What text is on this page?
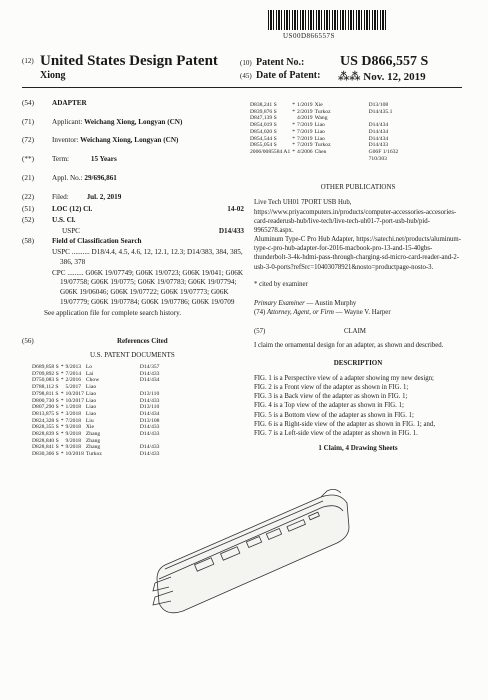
US00D866557S
(12) United States Design Patent
Xiong
(10) Patent No.:	US D866,557 S
(45) Date of Patent: ⁂⁂ Nov. 12, 2019
(54)	ADAPTER
(71)	Applicant: Weichang Xiong, Longyan (CN)
(72)	Inventor: Weichang Xiong, Longyan (CN)
(**)	Term:	15 Years
(21)	Appl. No.: 29/696,861
(22)	Filed: Jul. 2, 2019
(51)	LOC (12) Cl.	14-02
(52)	U.S. Cl.
USPC	D14/433
(58)	Field of Classification Search
USPC .......... D18/4.4, 4.5, 4.6, 12, 12.1, 12.3; D14/383, 384, 385, 386, 378
CPC ......... G06K 19/07749; G06K 19/0723; G06K 19/041; G06K 19/07758; G06K 19/0775; G06K 19/07783; G06K 19/07794; G06K 19/06046; G06K 19/07722; G06K 19/07773; G06K 19/07779; G06K 19/07784; G06K 19/07786; G06K 19/0709
See application file for complete search history.
(56)	References Cited
U.S. PATENT DOCUMENTS
D689,858 S	*	9/2013	Lo	D14/357
D709,892 S	*	7/2014	Lai	D14/433
D750,083 S	*	2/2016	Chow	D14/434
D788,112 S		5/2017	Liao	
D798,811 S	*	10/2017	Liao	D13/110
D800,730 S	*	10/2017	Liao	D14/433
D807,290 S	*	1/2018	Liao	D13/110
D813,875 S	*	3/2018	Liao	D14/434
D824,328 S	*	7/2018	Liu	D13/108
D828,355 S	*	9/2018	Xie	D14/433
D828,839 S	*	9/2018	Zhang	D14/433
D828,840 S		9/2018	Zhang	
D828,841 S	*	9/2018	Zhang	D14/433
D830,366 S	*	10/2018	Turkoz	D14/433
D838,241 S	*	1/2019	Xie	D13/108
D839,876 S	*	2/2019	Turkoz	D14/435.1
D847,139 S		4/2019	Wang	
D854,019 S	*	7/2019	Liao	D14/434
D854,020 S	*	7/2019	Liao	D14/434
D854,544 S	*	7/2019	Liao	D14/434
D855,054 S	*	7/2019	Turkoz	D14/433
2006/0085584 A1	*	4/2006	Chen	G06F 1/1632
				710/303
OTHER PUBLICATIONS
Live Tech UH01 7PORT USB Hub, https://www.priyacomputers.in/products/computer-accessories-accesories-card-readerusb-hub/live-tech/live-tech-uh01-7-port-usb-hub/pid-9965278.aspx.
Aluminum Type-C Pro Hub Adapter, https://satechi.net/products/aluminum-type-c-pro-hub-adapter-for-2016-macbook-pro-13-and-15-40gbs-thunderbolt-3-4k-hdmi-pass-through-charging-sd-micro-card-reader-and-2-usb-3-0-ports?refSrc=10403078921&nosto=productpage-nosto-3.
* cited by examiner
Primary Examiner — Austin Murphy
(74) Attorney, Agent, or Firm — Wayne V. Harper
(57)	CLAIM
I claim the ornamental design for an adapter, as shown and described.
DESCRIPTION
FIG. 1 is a Perspective view of a adapter showing my new design;
FIG. 2 is a Front view of the adapter as shown in FIG. 1;
FIG. 3 is a Back view of the adapter as shown in FIG. 1;
FIG. 4 is a Top view of the adapter as shown in FIG. 1;
FIG. 5 is a Bottom view of the adapter as shown in FIG. 1;
FIG. 6 is a Right-side view of the adapter as shown in FIG. 1; and,
FIG. 7 is a Left-side view of the adapter as shown in FIG. 1.
1 Claim, 4 Drawing Sheets
